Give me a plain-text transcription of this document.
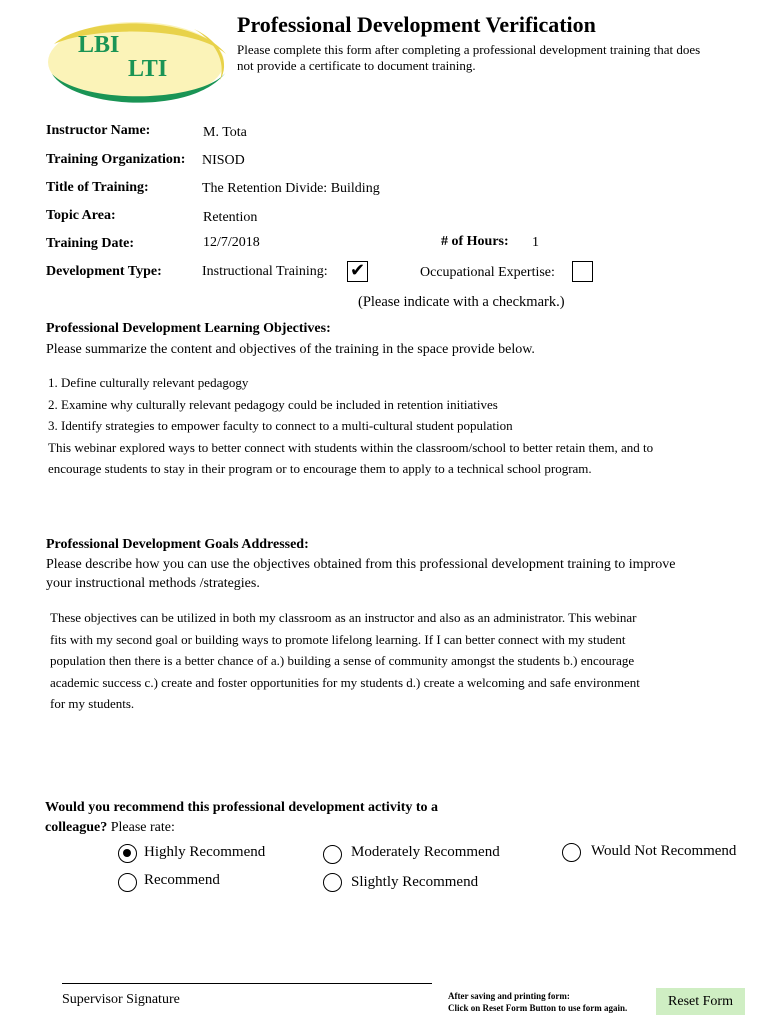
LBI
LTI
Professional Development Verification
Please complete this form after completing a professional development training that does not provide a certificate to document training.
Instructor Name:	M. Tota
Training Organization: NISOD
Title of Training:	The Retention Divide: Building
Topic Area:	Retention
Training Date:	12/7/2018	# of Hours: 1
Development Type:	Instructional Training: ✔	Occupational Expertise:
(Please indicate with a checkmark.)
Professional Development Learning Objectives:
Please summarize the content and objectives of the training in the space provide below.
1. Define culturally relevant pedagogy
2. Examine why culturally relevant pedagogy could be included in retention initiatives
3. Identify strategies to empower faculty to connect to a multi-cultural student population
This webinar explored ways to better connect with students within the classroom/school to better retain them, and to
encourage students to stay in their program or to encourage them to apply to a technical school program.
Professional Development Goals Addressed:
Please describe how you can use the objectives obtained from this professional development training to improve
your instructional methods /strategies.
These objectives can be utilized in both my classroom as an instructor and also as an administrator. This webinar
fits with my second goal or building ways to promote lifelong learning. If I can better connect with my student
population then there is a better chance of a.) building a sense of community amongst the students b.) encourage
academic success c.) create and foster opportunities for my students d.) create a welcoming and safe environment
for my students.
Would you recommend this professional development activity to a
colleague? Please rate:
Highly Recommend	Moderately Recommend	Would Not Recommend
Recommend	Slightly Recommend
Supervisor Signature	After saving and printing form:
Click on Reset Form Button to use form again.	Reset Form
